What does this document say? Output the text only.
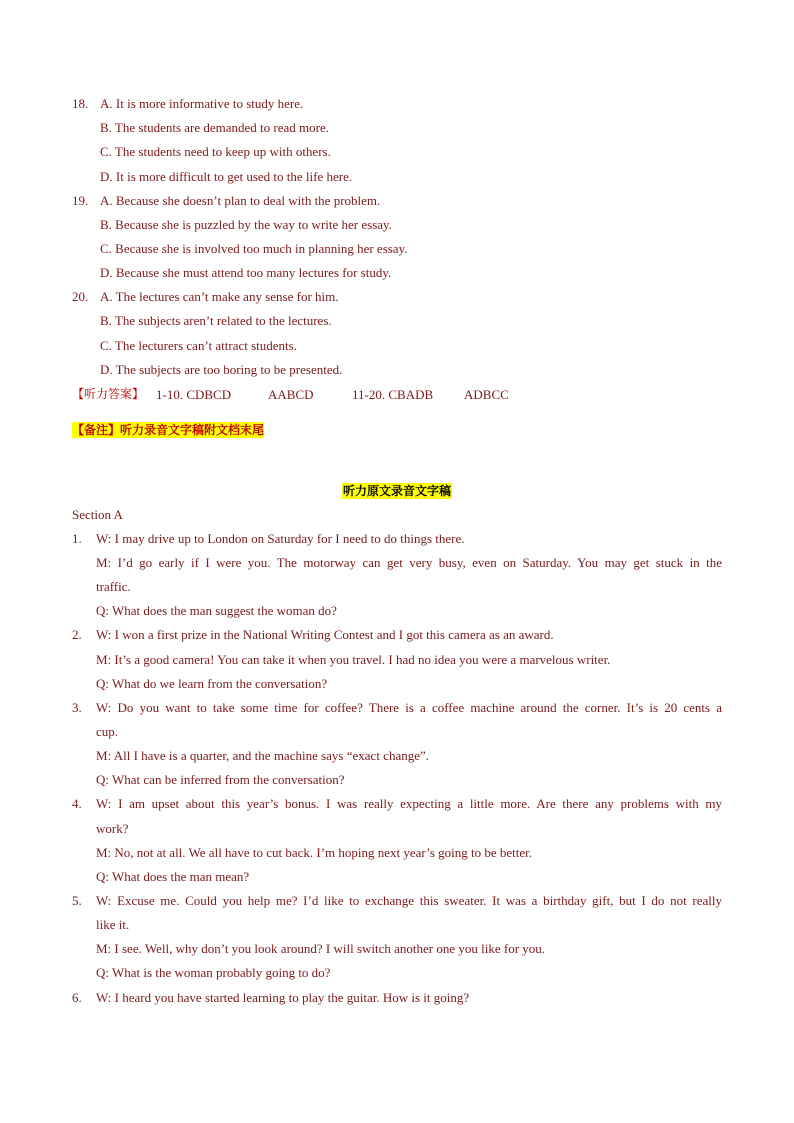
18. A. It is more informative to study here.
B. The students are demanded to read more.
C. The students need to keep up with others.
D. It is more difficult to get used to the life here.
19. A. Because she doesn’t plan to deal with the problem.
B. Because she is puzzled by the way to write her essay.
C. Because she is involved too much in planning her essay.
D. Because she must attend too many lectures for study.
20. A. The lectures can’t make any sense for him.
B. The subjects aren’t related to the lectures.
C. The lecturers can’t attract students.
D. The subjects are too boring to be presented.
【听力答案】 1-10. CDBCD	AABCD	11-20. CBADB ADBCC
【备注】听力录音文字稿附文档末尾
听力原文录音文字稿
Section A
1. W: I may drive up to London on Saturday for I need to do things there.
M: I’d go early if I were you. The motorway can get very busy, even on Saturday. You may get stuck in the
traffic.
Q: What does the man suggest the woman do?
2. W: I won a first prize in the National Writing Contest and I got this camera as an award.
M: It’s a good camera! You can take it when you travel. I had no idea you were a marvelous writer.
Q: What do we learn from the conversation?
3. W: Do you want to take some time for coffee? There is a coffee machine around the corner. It’s is 20 cents a
cup.
M: All I have is a quarter, and the machine says “exact change”.
Q: What can be inferred from the conversation?
4. W: I am upset about this year’s bonus. I was really expecting a little more. Are there any problems with my
work?
M: No, not at all. We all have to cut back. I’m hoping next year’s going to be better.
Q: What does the man mean?
5. W: Excuse me. Could you help me? I’d like to exchange this sweater. It was a birthday gift, but I do not really
like it.
M: I see. Well, why don’t you look around? I will switch another one you like for you.
Q: What is the woman probably going to do?
6. W: I heard you have started learning to play the guitar. How is it going?
